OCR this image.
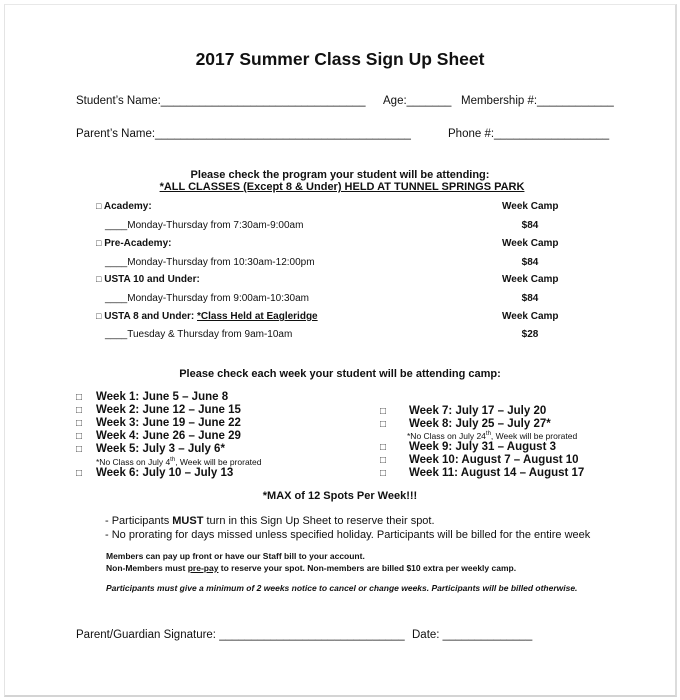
2017 Summer Class Sign Up Sheet
Student’s Name:________________________________ Age:_______ Membership #:____________
Parent’s Name:________________________________________	Phone #:__________________
Please check the program your student will be attending:
*ALL CLASSES (Except 8 & Under) HELD AT TUNNEL SPRINGS PARK
□ Academy:	Week Camp
____Monday-Thursday from 7:30am-9:00am	$84
□ Pre-Academy:	Week Camp
____Monday-Thursday from 10:30am-12:00pm	$84
□ USTA 10 and Under:	Week Camp
____Monday-Thursday from 9:00am-10:30am	$84
□ USTA 8 and Under: *Class Held at Eagleridge	Week Camp
____Tuesday & Thursday from 9am-10am	$28
Please check each week your student will be attending camp:
□ Week 1: June 5 – June 8
□ Week 2: June 12 – June 15
□ Week 3: June 19 – June 22
□ Week 4: June 26 – June 29
□ Week 5: July 3 – July 6*
*No Class on July 4th, Week will be prorated
□ Week 6: July 10 – July 13
□ Week 7: July 17 – July 20
□ Week 8: July 25 – July 27*
*No Class on July 24th, Week will be prorated
□ Week 9: July 31 – August 3
□ Week 10: August 7 – August 10
□ Week 11: August 14 – August 17
*MAX of 12 Spots Per Week!!!
- Participants MUST turn in this Sign Up Sheet to reserve their spot.
- No prorating for days missed unless specified holiday. Participants will be billed for the entire week
Members can pay up front or have our Staff bill to your account.
Non-Members must pre-pay to reserve your spot. Non-members are billed $10 extra per weekly camp.
Participants must give a minimum of 2 weeks notice to cancel or change weeks. Participants will be billed otherwise.
Parent/Guardian Signature: _____________________________ Date: ______________
